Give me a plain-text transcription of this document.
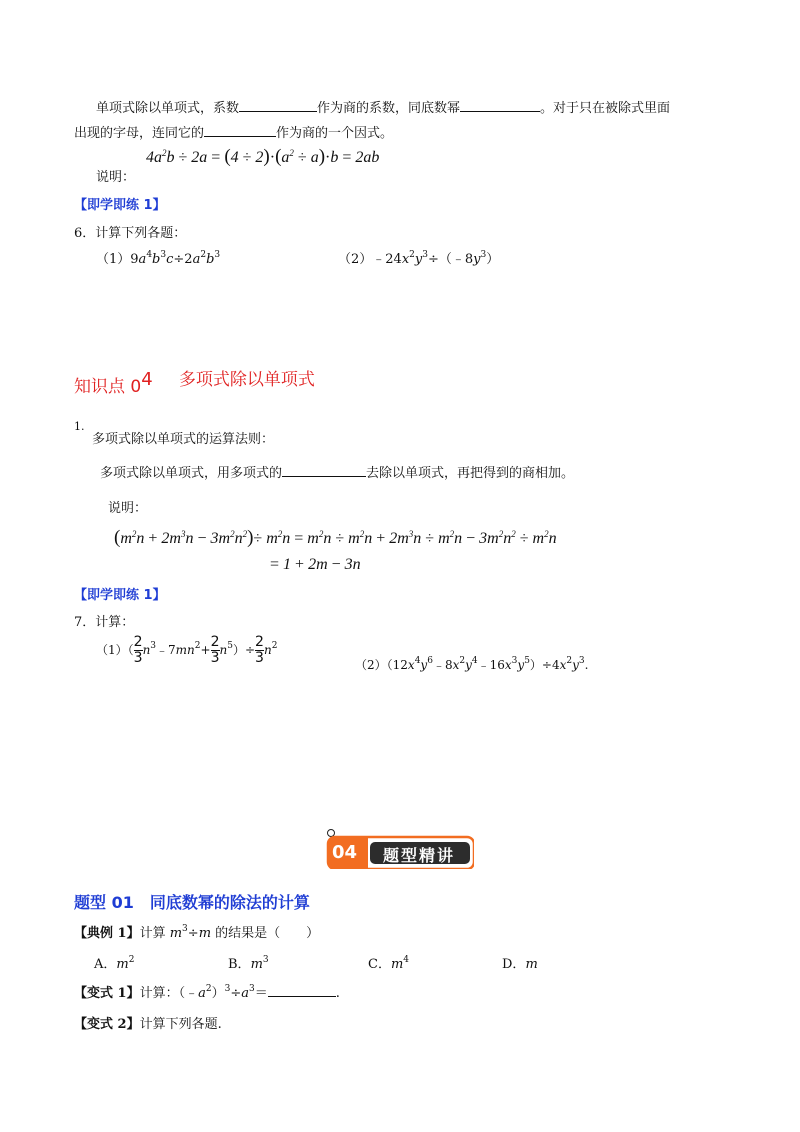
单项式除以单项式，系数	作为商的系数，同底数幂	。对于只在被除式里面
出现的字母，连同它的	作为商的一个因式。
说明：
$4a^2b \div 2a = (4 \div 2)\cdot(a^2 \div a)\cdot b = 2ab$
【即学即练 1】
6．计算下列各题：
$(1)9a^4b^3c\div 2a^2b^3$	$(2)﹣24x^2y^3\div(﹣8y^3)$
知识点 04 多项式除以单项式
1.
多项式除以单项式的运算法则：
多项式除以单项式，用多项式的	去除以单项式，再把得到的商相加。
说明：
$(m^2n + 2m^3n - 3m^2n^2)\div m^2n = m^2n \div m^2n + 2m^3n \div m^2n - 3m^2n^2 \div m^2n$
= 1 + 2m − 3n
【即学即练 1】
7．计算：
$(1)( \frac{2}{3}$ $n^3﹣7mn^2+ \frac{2}{3} n^5)\div \frac{2}{3} n^2$
$(2)(12x^4y^6﹣8x^2y^4﹣16x^3y^5)\div 4x^2y^3$.
04 题型精讲
题型 01　同底数幂的除法的计算
【典例 1】计算 $m^3\div m$ 的结果是（　　）
A．$m^2$	B．$m^3$	C．$m^4$	D．m
【变式 1】计算：$(﹣a^2)^3\div a^3=$	.
【变式 2】计算下列各题.
